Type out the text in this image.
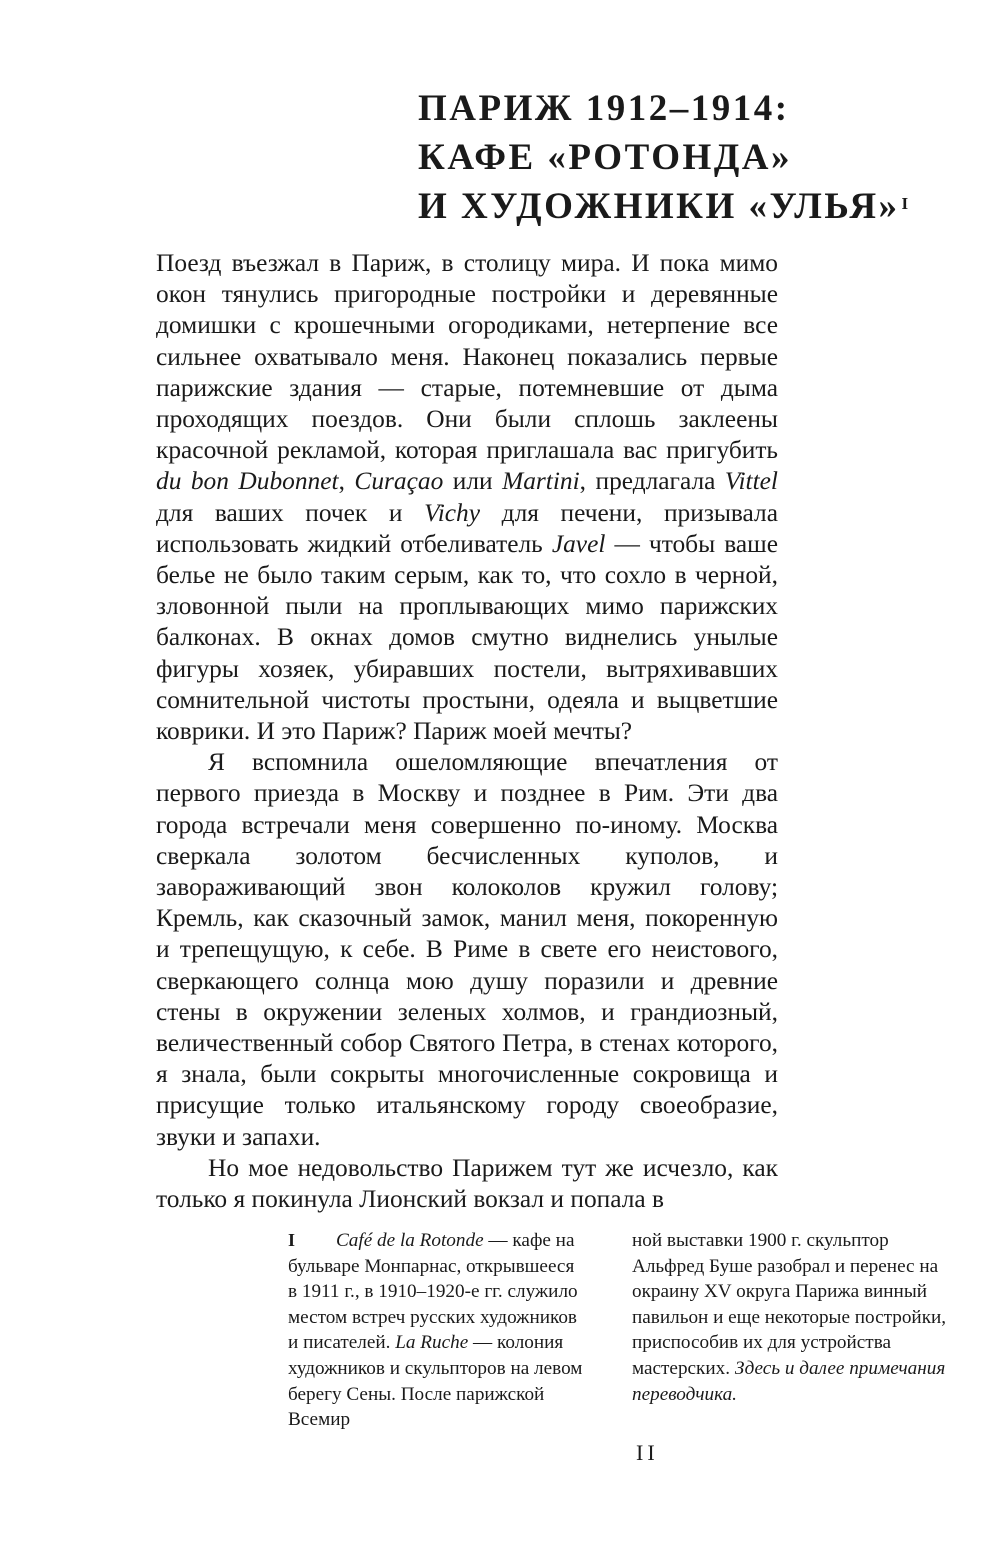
ПАРИЖ 1912–1914:
КАФЕ «РОТОНДА»
И ХУДОЖНИКИ «УЛЬЯ» $^I$

Поезд въезжал в Париж, в столицу мира. И пока мимо окон тянулись пригородные постройки и деревянные домишки с крошечными огородиками, нетерпение все сильнее охватывало меня. Наконец показались первые парижские здания — старые, потемневшие от дыма проходящих поездов. Они были сплошь заклеены красочной рекламой, которая приглашала вас пригубить du bon Dubonnet, Curaçao или Martini, предлагала Vittel для ваших почек и Vichy для печени, призывала использовать жидкий отбеливатель Javel — чтобы ваше белье не было таким серым, как то, что сохло в черной, зловонной пыли на проплывающих мимо парижских балконах. В окнах домов смутно виднелись унылые фигуры хозяек, убиравших постели, вытряхивавших сомнительной чистоты простыни, одеяла и выцветшие коврики. И это Париж? Париж моей мечты?

Я вспомнила ошеломляющие впечатления от первого приезда в Москву и позднее в Рим. Эти два города встречали меня совершенно по-иному. Москва сверкала золотом бесчисленных куполов, и завораживающий звон колоколов кружил голову; Кремль, как сказочный замок, манил меня, покоренную и трепещущую, к себе. В Риме в свете его неистового, сверкающего солнца мою душу поразили и древние стены в окружении зеленых холмов, и грандиозный, величественный собор Святого Петра, в стенах которого, я знала, были сокрыты многочисленные сокровища и присущие только итальянскому городу своеобразие, звуки и запахи.

Но мое недовольство Парижем тут же исчезло, как только я покинула Лионский вокзал и попала в

I Café de la Rotonde — кафе на бульваре Монпарнас, открывшееся в 1911 г., в 1910–1920-е гг. служило местом встреч русских художников и писателей. La Ruche — колония художников и скульпторов на левом берегу Сены. После парижской Всемир

ной выставки 1900 г. скульптор Альфред Буше разобрал и перенес на окраину XV округа Парижа винный павильон и еще некоторые постройки, приспособив их для устройства мастерских. Здесь и далее примечания переводчика.

II
